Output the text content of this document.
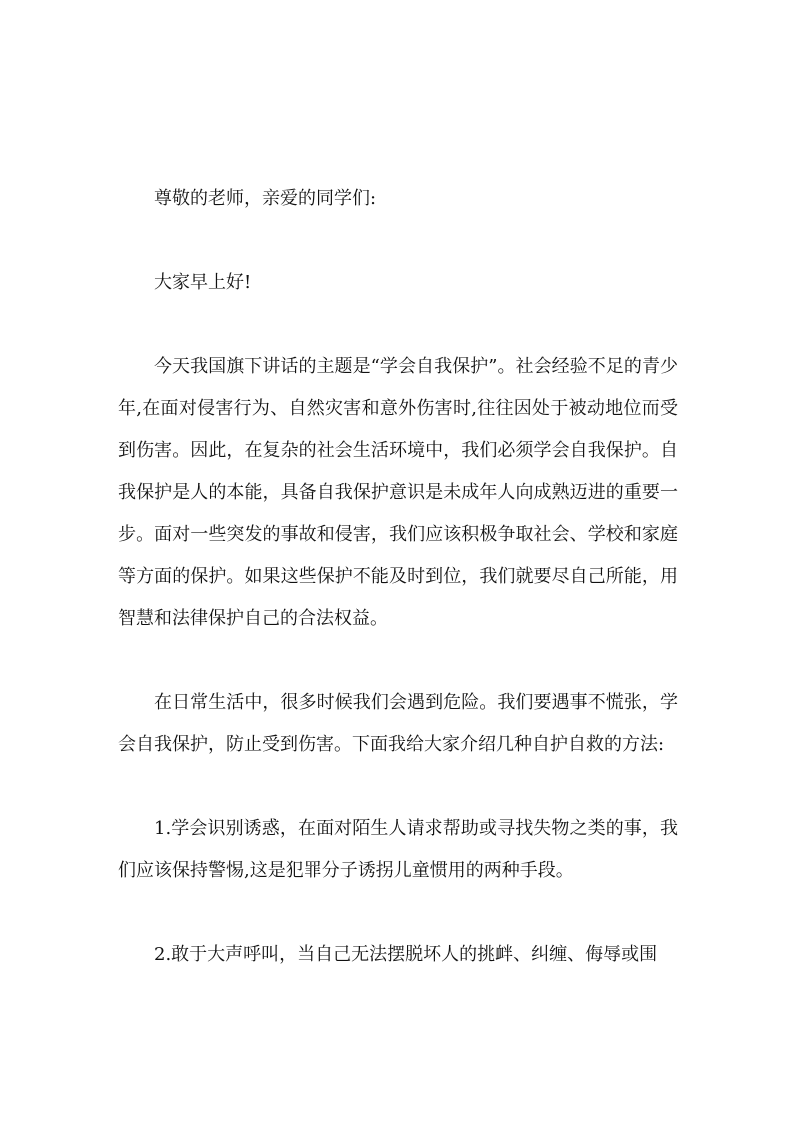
尊敬的老师，亲爱的同学们:

大家早上好!

今天我国旗下讲话的主题是“学会自我保护”。社会经验不足的青少年,在面对侵害行为、自然灾害和意外伤害时,往往因处于被动地位而受到伤害。因此，在复杂的社会生活环境中，我们必须学会自我保护。自我保护是人的本能，具备自我保护意识是未成年人向成熟迈进的重要一步。面对一些突发的事故和侵害，我们应该积极争取社会、学校和家庭等方面的保护。如果这些保护不能及时到位，我们就要尽自己所能，用智慧和法律保护自己的合法权益。

在日常生活中，很多时候我们会遇到危险。我们要遇事不慌张，学会自我保护，防止受到伤害。下面我给大家介绍几种自护自救的方法:

1.学会识别诱惑，在面对陌生人请求帮助或寻找失物之类的事，我们应该保持警惕,这是犯罪分子诱拐儿童惯用的两种手段。

2.敢于大声呼叫，当自己无法摆脱坏人的挑衅、纠缠、侮辱或围
